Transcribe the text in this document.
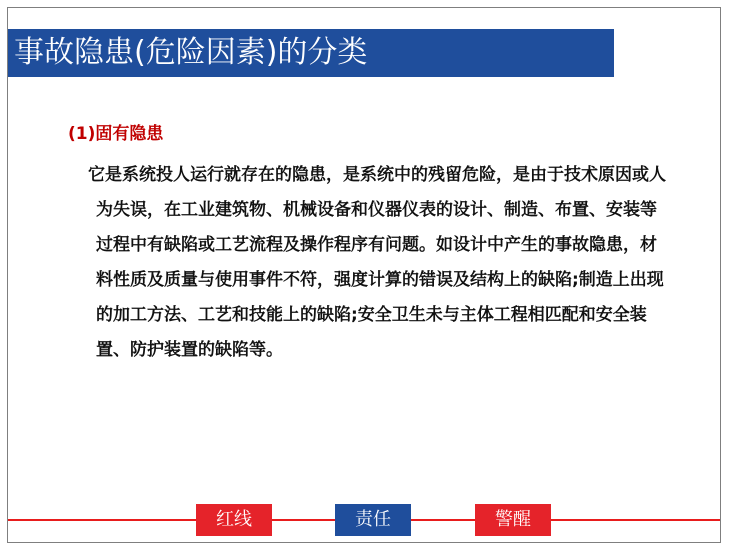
事故隐患(危险因素)的分类
(1)固有隐患
它是系统投人运行就存在的隐患，是系统中的残留危险，是由于技术原因或人为失误，在工业建筑物、机械设备和仪器仪表的设计、制造、布置、安装等过程中有缺陷或工艺流程及操作程序有问题。如设计中产生的事故隐患，材料性质及质量与使用事件不符，强度计算的错误及结构上的缺陷;制造上出现的加工方法、工艺和技能上的缺陷;安全卫生未与主体工程相匹配和安全装置、防护装置的缺陷等。
红线	责任	警醒
